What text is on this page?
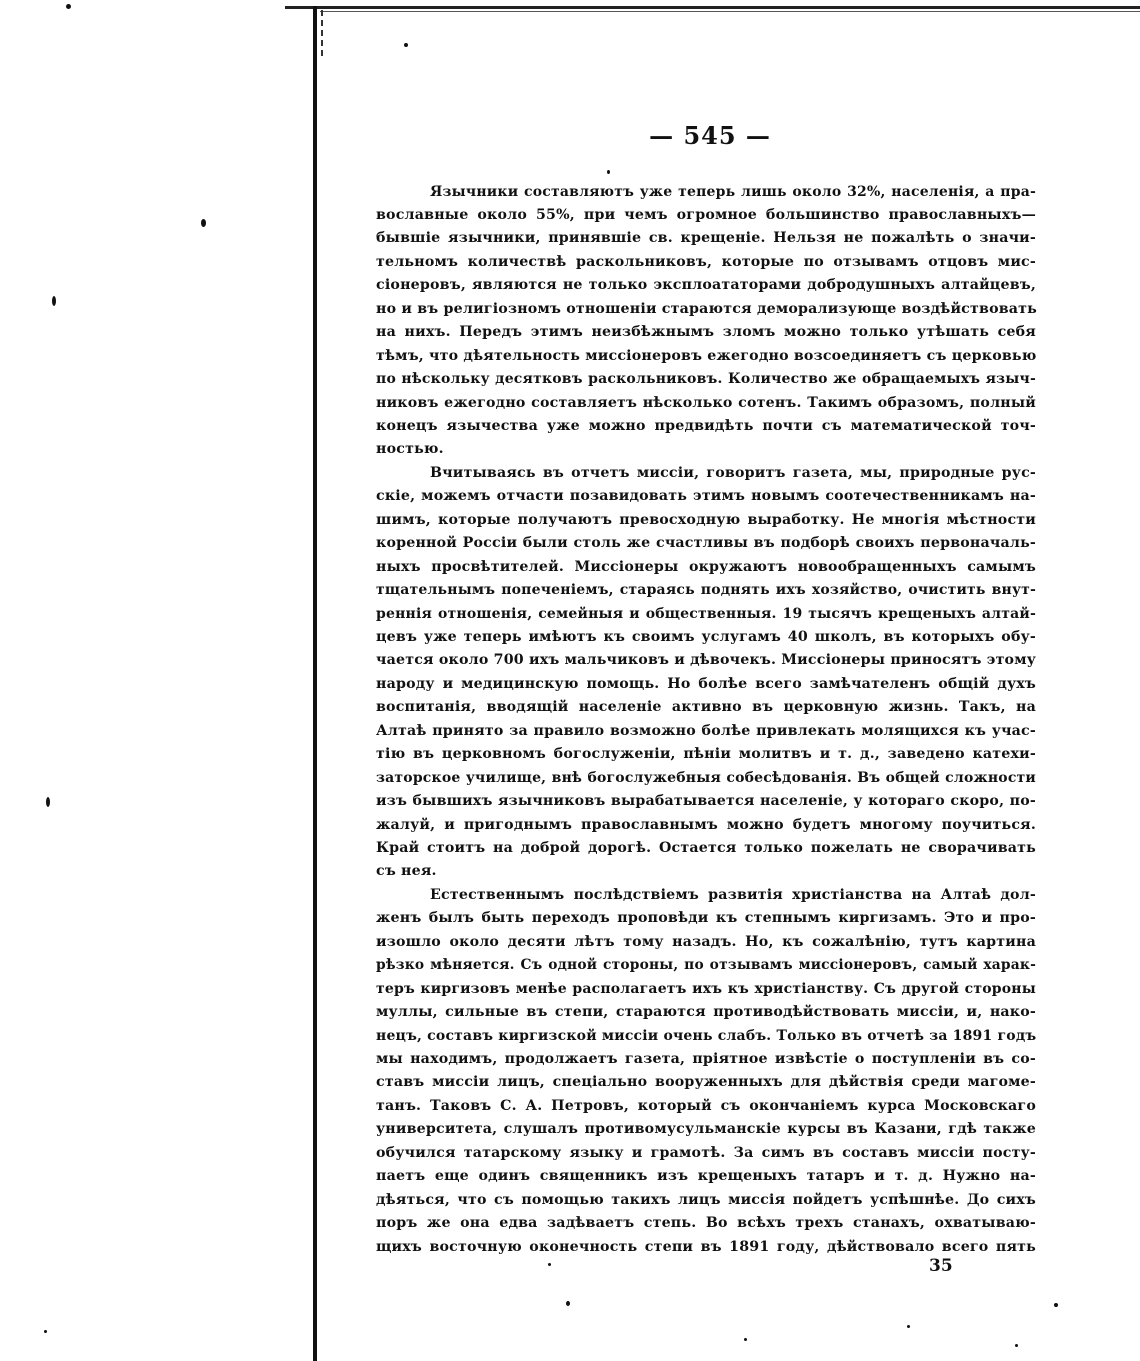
— 545 —
Язычники составляютъ уже теперь лишь около 32%, населенія, а пра-
вославные около 55%, при чемъ огромное большинство православныхъ—
бывшіе язычники, принявшіе св. крещеніе. Нельзя не пожалѣть о значи-
тельномъ количествѣ раскольниковъ, которые по отзывамъ отцовъ мис-
сіонеровъ, являются не только эксплоататорами добродушныхъ алтайцевъ,
но и въ религіозномъ отношеніи стараются деморализующе воздѣйствовать
на нихъ. Передъ этимъ неизбѣжнымъ зломъ можно только утѣшать себя
тѣмъ, что дѣятельность миссіонеровъ ежегодно возсоединяетъ съ церковью
по нѣскольку десятковъ раскольниковъ. Количество же обращаемыхъ языч-
никовъ ежегодно составляетъ нѣсколько сотенъ. Такимъ образомъ, полный
конецъ язычества уже можно предвидѣть почти съ математической точ-
ностью.
Вчитываясь въ отчетъ миссіи, говоритъ газета, мы, природные рус-
скіе, можемъ отчасти позавидовать этимъ новымъ соотечественникамъ на-
шимъ, которые получаютъ превосходную выработку. Не многія мѣстности
коренной Россіи были столь же счастливы въ подборѣ своихъ первоначаль-
ныхъ просвѣтителей. Миссіонеры окружаютъ новообращенныхъ самымъ
тщательнымъ попеченіемъ, стараясь поднять ихъ хозяйство, очистить внут-
реннія отношенія, семейныя и общественныя. 19 тысячъ крещеныхъ алтай-
цевъ уже теперь имѣютъ къ своимъ услугамъ 40 школъ, въ которыхъ обу-
чается около 700 ихъ мальчиковъ и дѣвочекъ. Миссіонеры приносятъ этому
народу и медицинскую помощь. Но болѣе всего замѣчателенъ общій духъ
воспитанія, вводящій населеніе активно въ церковную жизнь. Такъ, на
Алтаѣ принято за правило возможно болѣе привлекать молящихся къ учас-
тію въ церковномъ богослуженіи, пѣніи молитвъ и т. д., заведено катехи-
заторское училище, внѣ богослужебныя собесѣдованія. Въ общей сложности
изъ бывшихъ язычниковъ вырабатывается населеніе, у котораго скоро, по-
жалуй, и пригоднымъ православнымъ можно будетъ многому поучиться.
Край стоитъ на доброй дорогѣ. Остается только пожелать не сворачивать
съ нея.
Естественнымъ послѣдствіемъ развитія христіанства на Алтаѣ дол-
женъ былъ быть переходъ проповѣди къ степнымъ киргизамъ. Это и про-
изошло около десяти лѣтъ тому назадъ. Но, къ сожалѣнію, тутъ картина
рѣзко мѣняется. Съ одной стороны, по отзывамъ миссіонеровъ, самый харак-
теръ киргизовъ менѣе располагаетъ ихъ къ христіанству. Съ другой стороны
муллы, сильные въ степи, стараются противодѣйствовать миссіи, и, нако-
нецъ, составъ киргизской миссіи очень слабъ. Только въ отчетѣ за 1891 годъ
мы находимъ, продолжаетъ газета, пріятное извѣстіе о поступленіи въ со-
ставъ миссіи лицъ, спеціально вооруженныхъ для дѣйствія среди магоме-
танъ. Таковъ С. А. Петровъ, который съ окончаніемъ курса Московскаго
университета, слушалъ противомусульманскіе курсы въ Казани, гдѣ также
обучился татарскому языку и грамотѣ. За симъ въ составъ миссіи посту-
паетъ еще одинъ священникъ изъ крещеныхъ татаръ и т. д. Нужно на-
дѣяться, что съ помощью такихъ лицъ миссія пойдетъ успѣшнѣе. До сихъ
поръ же она едва задѣваетъ степь. Во всѣхъ трехъ станахъ, охватываю-
щихъ восточную оконечность степи въ 1891 году, дѣйствовало всего пять
35
